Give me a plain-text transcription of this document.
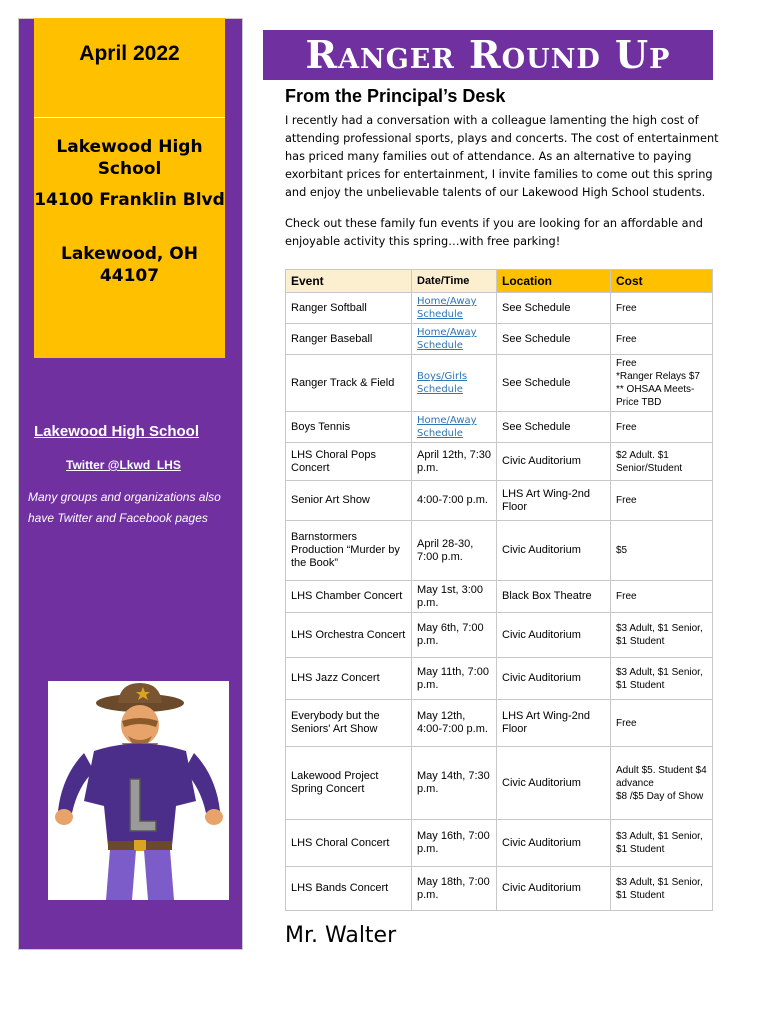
April 2022
Lakewood High School
14100 Franklin Blvd
Lakewood, OH 44107
Lakewood High School
Twitter @Lkwd_LHS
Many groups and organizations also have Twitter and Facebook pages
Ranger Round Up
From the Principal’s Desk
I recently had a conversation with a colleague lamenting the high cost of attending professional sports, plays and concerts. The cost of entertainment has priced many families out of attendance. As an alternative to paying exorbitant prices for entertainment, I invite families to come out this spring and enjoy the unbelievable talents of our Lakewood High School students.
Check out these family fun events if you are looking for an affordable and enjoyable activity this spring…with free parking!
Event	Date/Time	Location	Cost
Ranger Softball	Home/Away Schedule	See Schedule	Free
Ranger Baseball	Home/Away Schedule	See Schedule	Free
Ranger Track & Field	Boys/Girls Schedule	See Schedule	Free
*Ranger Relays $7
** OHSAA Meets- Price TBD
Boys Tennis	Home/Away Schedule	See Schedule	Free
LHS Choral Pops Concert	April 12th, 7:30 p.m.	Civic Auditorium	$2 Adult. $1 Senior/Student
Senior Art Show	4:00-7:00 p.m.	LHS Art Wing-2nd Floor	Free
Barnstormers Production “Murder by the Book”	April 28-30, 7:00 p.m.	Civic Auditorium	$5
LHS Chamber Concert	May 1st, 3:00 p.m.	Black Box Theatre	Free
LHS Orchestra Concert	May 6th, 7:00 p.m.	Civic Auditorium	$3 Adult, $1 Senior, $1 Student
LHS Jazz Concert	May 11th, 7:00 p.m.	Civic Auditorium	$3 Adult, $1 Senior, $1 Student
Everybody but the Seniors' Art Show	May 12th, 4:00-7:00 p.m.	LHS Art Wing-2nd Floor	Free
Lakewood Project Spring Concert	May 14th, 7:30 p.m.	Civic Auditorium	Adult $5. Student $4 advance
$8 /$5 Day of Show
LHS Choral Concert	May 16th, 7:00 p.m.	Civic Auditorium	$3 Adult, $1 Senior, $1 Student
LHS Bands Concert	May 18th, 7:00 p.m.	Civic Auditorium	$3 Adult, $1 Senior, $1 Student
Mr. Walter
